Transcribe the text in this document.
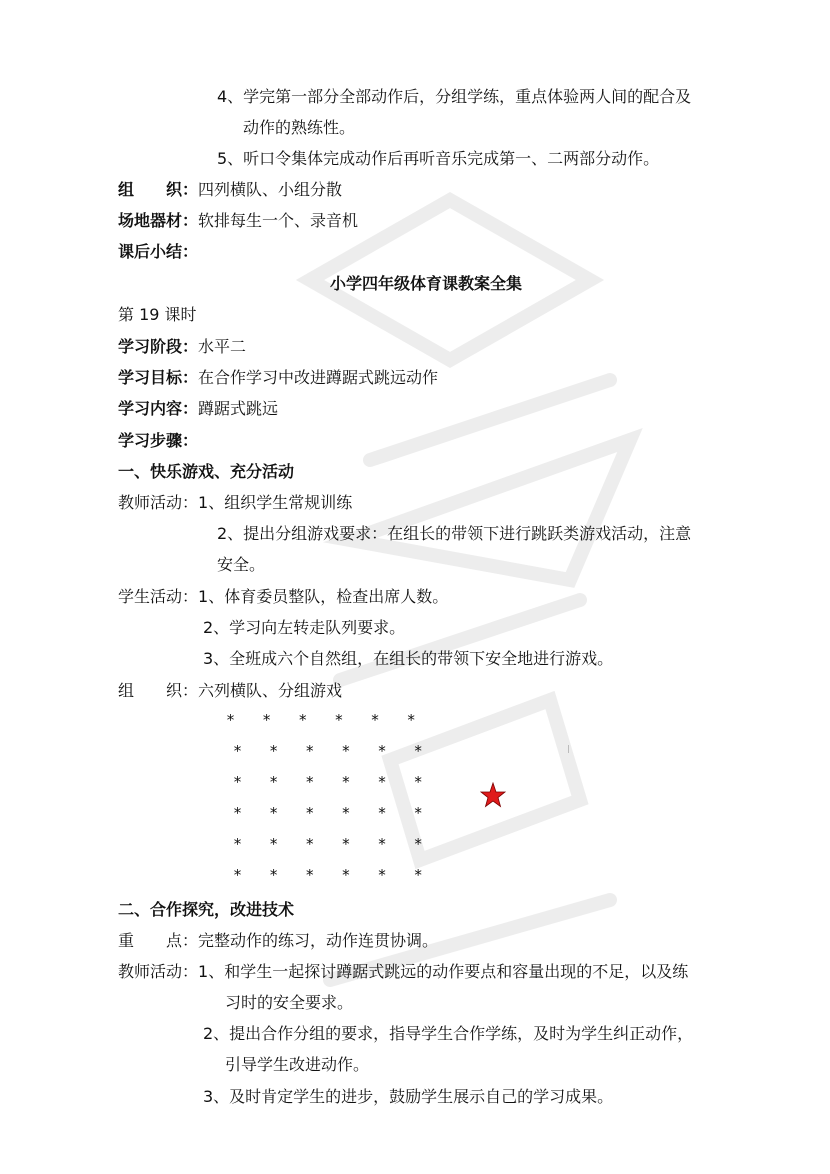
4、学完第一部分全部动作后，分组学练，重点体验两人间的配合及
动作的熟练性。
5、听口令集体完成动作后再听音乐完成第一、二两部分动作。
组　　织：四列横队、小组分散
场地器材：软排每生一个、录音机
课后小结：
小学四年级体育课教案全集
第 19 课时
学习阶段：水平二
学习目标：在合作学习中改进蹲踞式跳远动作
学习内容：蹲踞式跳远
学习步骤：
一、快乐游戏、充分活动
教师活动：1、组织学生常规训练
2、提出分组游戏要求：在组长的带领下进行跳跃类游戏活动，注意
安全。
学生活动：1、体育委员整队，检查出席人数。
2、学习向左转走队列要求。
3、全班成六个自然组，在组长的带领下安全地进行游戏。
组　　织：六列横队、分组游戏
*   *   *   *   *   *
*   *   *   *   *   *
*   *   *   *   *   *
*   *   *   *   *   *
*   *   *   *   *   *
*   *   *   *   *   *
二、合作探究，改进技术
重　　点：完整动作的练习，动作连贯协调。
教师活动：1、和学生一起探讨蹲踞式跳远的动作要点和容量出现的不足，以及练
习时的安全要求。
2、提出合作分组的要求，指导学生合作学练，及时为学生纠正动作，
引导学生改进动作。
3、及时肯定学生的进步，鼓励学生展示自己的学习成果。
